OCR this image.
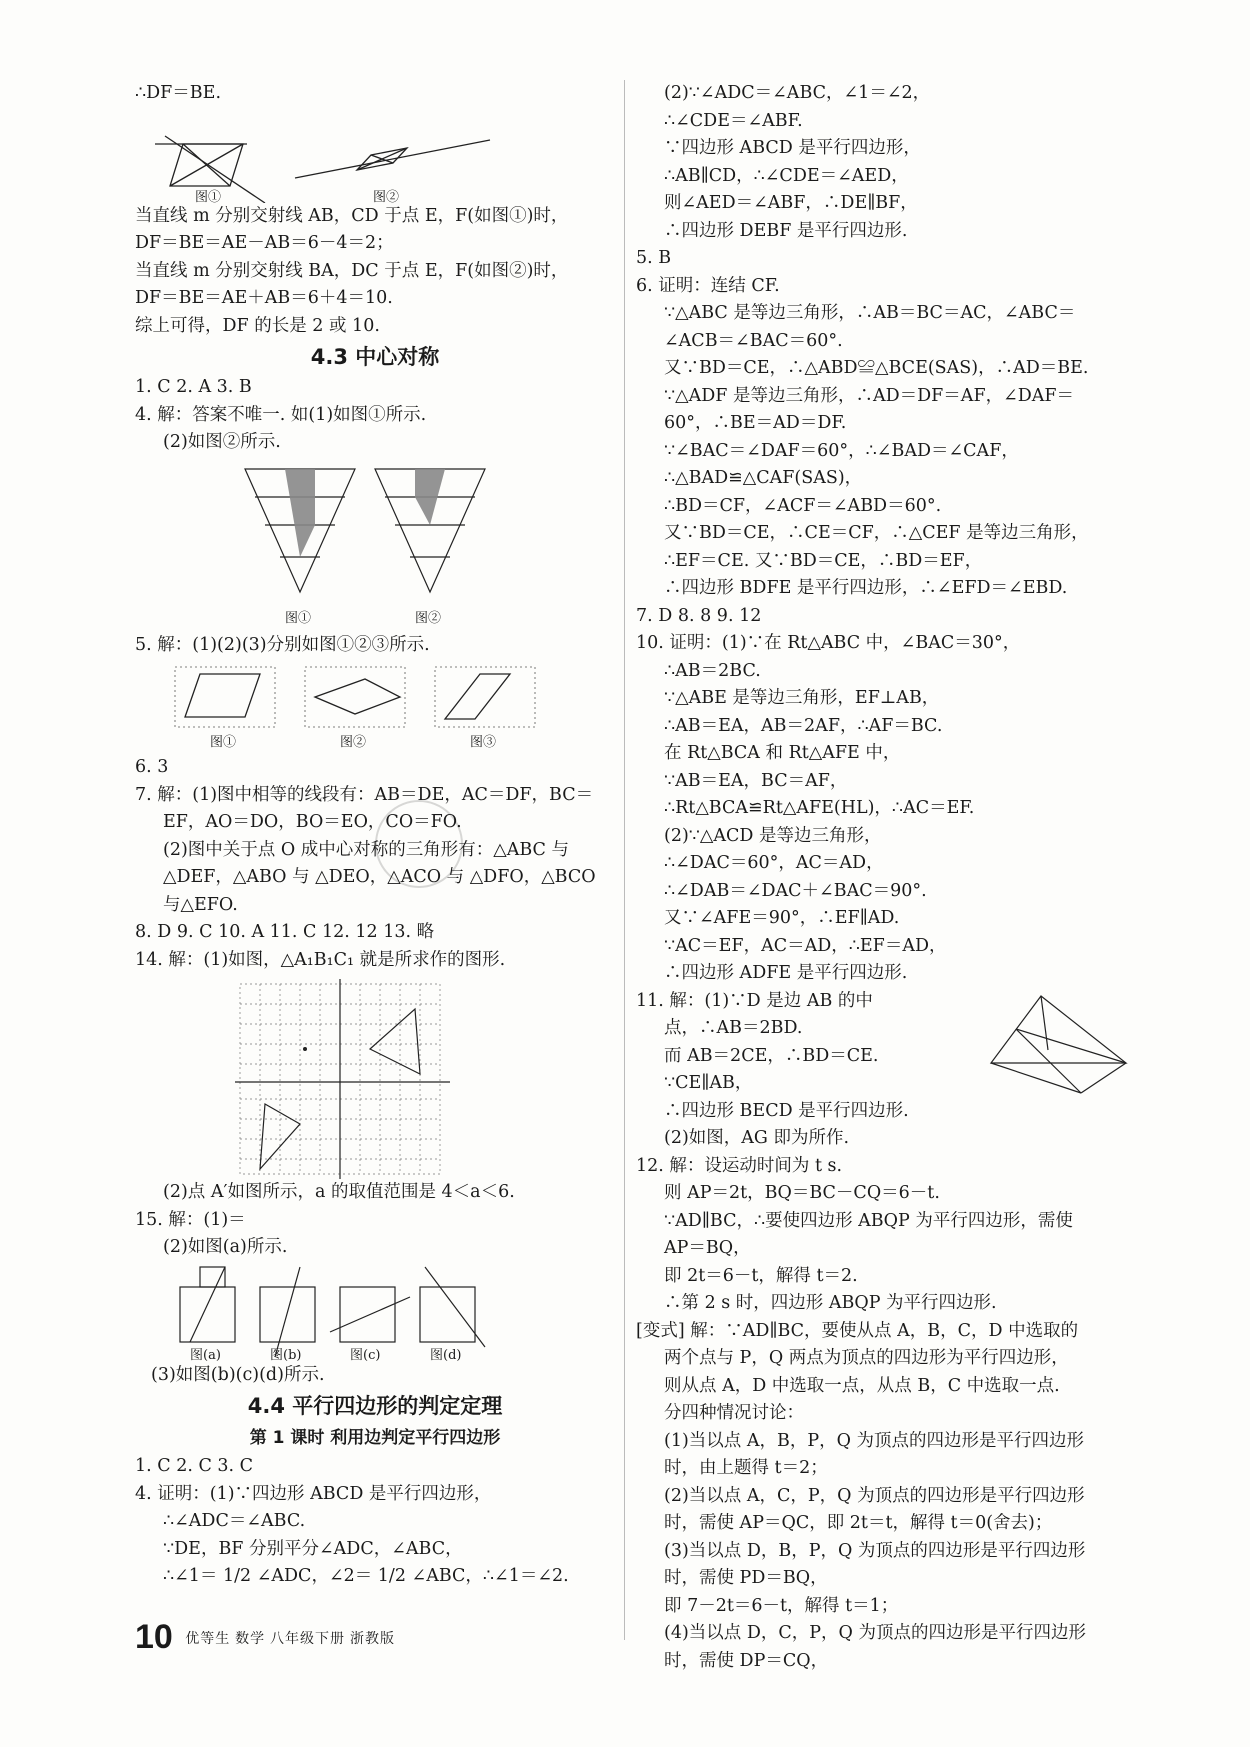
∴DF＝BE.
图①	图②
当直线 m 分别交射线 AB，CD 于点 E，F(如图①)时，
DF＝BE＝AE－AB＝6－4＝2；
当直线 m 分别交射线 BA，DC 于点 E，F(如图②)时，
DF＝BE＝AE＋AB＝6＋4＝10.
综上可得，DF 的长是 2 或 10.
4.3 中心对称
1. C 2. A 3. B
4. 解：答案不唯一. 如(1)如图①所示.
(2)如图②所示.
图①	图②
5. 解：(1)(2)(3)分别如图①②③所示.
图①	图②	图③
6. 3
7. 解：(1)图中相等的线段有：AB＝DE，AC＝DF，BC＝
EF，AO＝DO，BO＝EO，CO＝FO.
(2)图中关于点 O 成中心对称的三角形有：△ABC 与
△DEF，△ABO 与 △DEO，△ACO 与 △DFO，△BCO
与△EFO.
8. D 9. C 10. A 11. C 12. 12 13. 略
14. 解：(1)如图，△A₁B₁C₁ 就是所求作的图形.
(2)点 A′如图所示，a 的取值范围是 4＜a＜6.
15. 解：(1)＝
(2)如图(a)所示.
图(a)	图(b)	图(c)	图(d)
(3)如图(b)(c)(d)所示.
4.4 平行四边形的判定定理
第 1 课时 利用边判定平行四边形
1. C 2. C 3. C
4. 证明：(1)∵四边形 ABCD 是平行四边形，
∴∠ADC＝∠ABC.
∵DE，BF 分别平分∠ADC，∠ABC，
∴∠1＝ 1/2 ∠ADC，∠2＝ 1/2 ∠ABC，∴∠1＝∠2.
(2)∵∠ADC＝∠ABC，∠1＝∠2，
∴∠CDE＝∠ABF.
∵四边形 ABCD 是平行四边形，
∴AB∥CD，∴∠CDE＝∠AED，
则∠AED＝∠ABF，∴DE∥BF，
∴四边形 DEBF 是平行四边形.
5. B
6. 证明：连结 CF.
∵△ABC 是等边三角形，∴AB＝BC＝AC，∠ABC＝
∠ACB＝∠BAC＝60°.
又∵BD＝CE，∴△ABD≌△BCE(SAS)，∴AD＝BE.
∵△ADF 是等边三角形，∴AD＝DF＝AF，∠DAF＝
60°，∴BE＝AD＝DF.
∵∠BAC＝∠DAF＝60°，∴∠BAD＝∠CAF，
∴△BAD≌△CAF(SAS)，
∴BD＝CF，∠ACF＝∠ABD＝60°.
又∵BD＝CE，∴CE＝CF，∴△CEF 是等边三角形，
∴EF＝CE. 又∵BD＝CE，∴BD＝EF，
∴四边形 BDFE 是平行四边形，∴∠EFD＝∠EBD.
7. D 8. 8 9. 12
10. 证明：(1)∵在 Rt△ABC 中，∠BAC＝30°，
∴AB＝2BC.
∵△ABE 是等边三角形，EF⊥AB，
∴AB＝EA，AB＝2AF，∴AF＝BC.
在 Rt△BCA 和 Rt△AFE 中，
∵AB＝EA，BC＝AF，
∴Rt△BCA≌Rt△AFE(HL)，∴AC＝EF.
(2)∵△ACD 是等边三角形，
∴∠DAC＝60°，AC＝AD，
∴∠DAB＝∠DAC＋∠BAC＝90°.
又∵∠AFE＝90°，∴EF∥AD.
∵AC＝EF，AC＝AD，∴EF＝AD，
∴四边形 ADFE 是平行四边形.
11. 解：(1)∵D 是边 AB 的中
点，∴AB＝2BD.
而 AB＝2CE，∴BD＝CE.
∵CE∥AB，
∴四边形 BECD 是平行四边形.
(2)如图，AG 即为所作.
12. 解：设运动时间为 t s.
则 AP＝2t，BQ＝BC－CQ＝6－t.
∵AD∥BC，∴要使四边形 ABQP 为平行四边形，需使
AP＝BQ，
即 2t＝6－t，解得 t＝2.
∴第 2 s 时，四边形 ABQP 为平行四边形.
[变式] 解：∵AD∥BC，要使从点 A，B，C，D 中选取的
两个点与 P，Q 两点为顶点的四边形为平行四边形，
则从点 A，D 中选取一点，从点 B，C 中选取一点.
分四种情况讨论：
(1)当以点 A，B，P，Q 为顶点的四边形是平行四边形
时，由上题得 t＝2；
(2)当以点 A，C，P，Q 为顶点的四边形是平行四边形
时，需使 AP＝QC，即 2t＝t，解得 t＝0(舍去)；
(3)当以点 D，B，P，Q 为顶点的四边形是平行四边形
时，需使 PD＝BQ，
即 7－2t＝6－t，解得 t＝1；
(4)当以点 D，C，P，Q 为顶点的四边形是平行四边形
时，需使 DP＝CQ，
10 优等生 数学 八年级下册 浙教版
